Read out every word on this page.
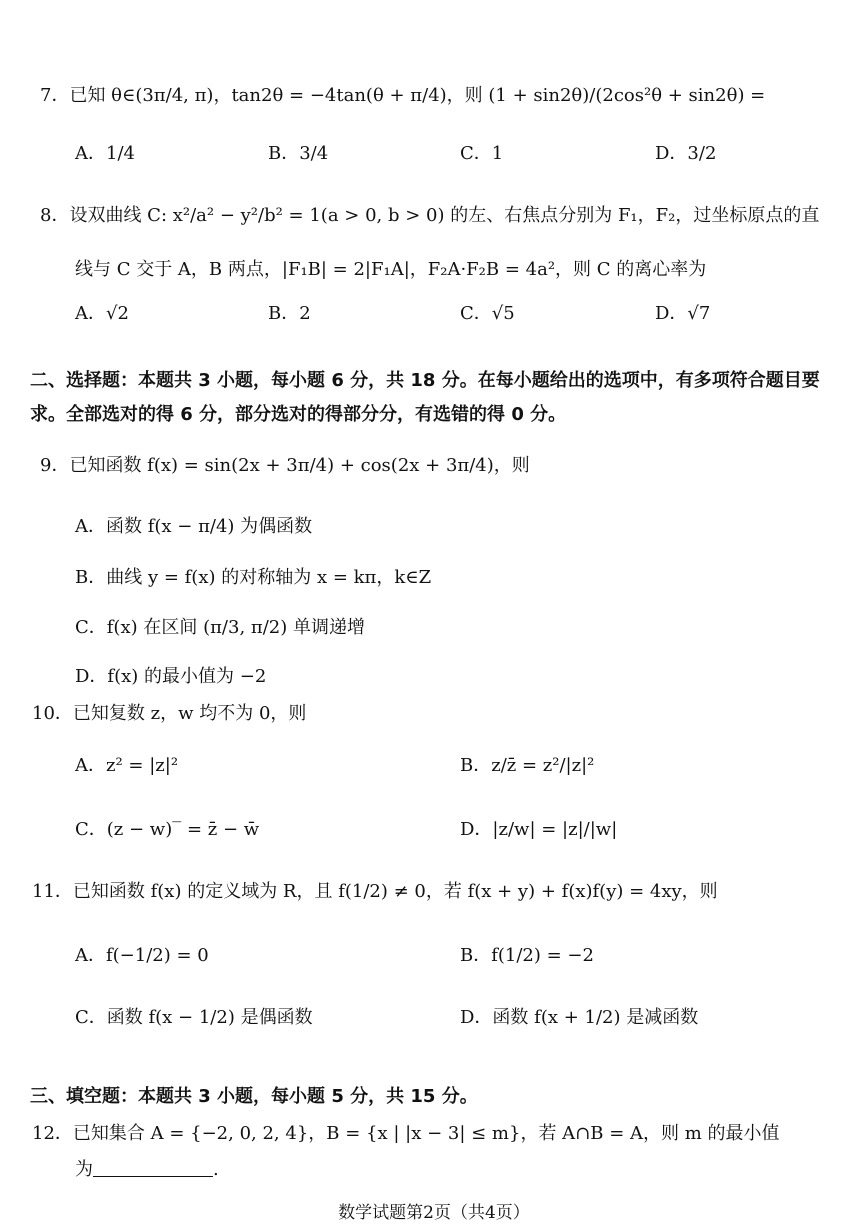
7．已知 θ∈(3π/4, π)，tan2θ = −4tan(θ + π/4)，则 (1 + sin2θ)/(2cos²θ + sin2θ) =
A．1/4	B．3/4	C．1	D．3/2
8．设双曲线 C: x²/a² − y²/b² = 1(a > 0, b > 0) 的左、右焦点分别为 F₁，F₂，过坐标原点的直
线与 C 交于 A，B 两点，|F₁B| = 2|F₁A|，F₂A·F₂B = 4a²，则 C 的离心率为
A．√2	B．2	C．√5	D．√7
二、选择题：本题共 3 小题，每小题 6 分，共 18 分。在每小题给出的选项中，有多项符合题目要求。全部选对的得 6 分，部分选对的得部分分，有选错的得 0 分。
9．已知函数 f(x) = sin(2x + 3π/4) + cos(2x + 3π/4)，则
A．函数 f(x − π/4) 为偶函数
B．曲线 y = f(x) 的对称轴为 x = kπ，k∈Z
C．f(x) 在区间 (π/3, π/2) 单调递增
D．f(x) 的最小值为 −2
10．已知复数 z，w 均不为 0，则
A．z² = |z|²	B．z/z̄ = z²/|z|²
C．(z − w)‾ = z̄ − w̄	D．|z/w| = |z|/|w|
11．已知函数 f(x) 的定义域为 R，且 f(1/2) ≠ 0，若 f(x + y) + f(x)f(y) = 4xy，则
A．f(−1/2) = 0	B．f(1/2) = −2
C．函数 f(x − 1/2) 是偶函数	D．函数 f(x + 1/2) 是减函数
三、填空题：本题共 3 小题，每小题 5 分，共 15 分。
12．已知集合 A = {−2, 0, 2, 4}，B = {x | |x − 3| ≤ m}，若 A∩B = A，则 m 的最小值
为	.
数学试题第2页（共4页）
